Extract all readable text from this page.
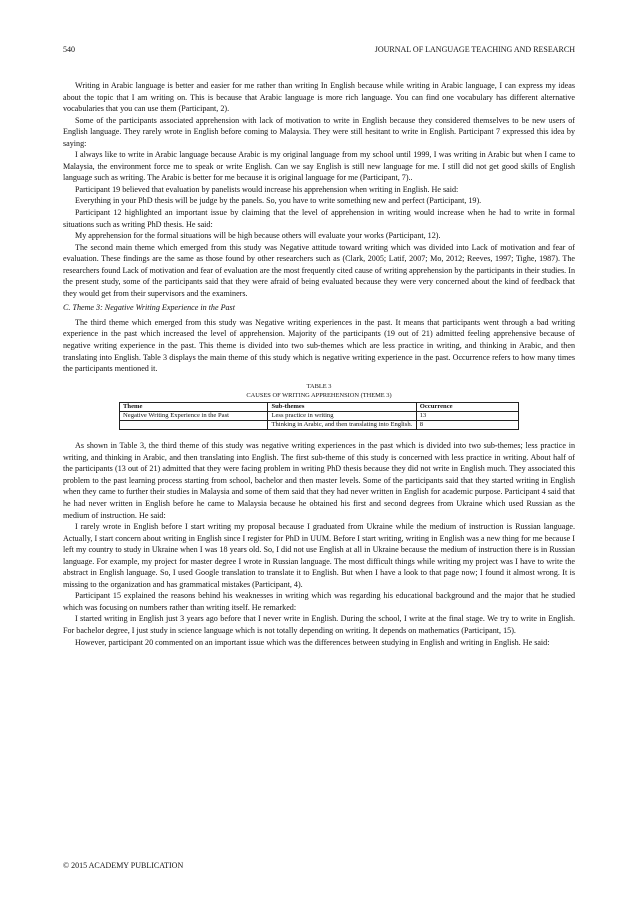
540	JOURNAL OF LANGUAGE TEACHING AND RESEARCH

Writing in Arabic language is better and easier for me rather than writing In English because while writing in Arabic language, I can express my ideas about the topic that I am writing on. This is because that Arabic language is more rich language. You can find one vocabulary has different alternative vocabularies that you can use them (Participant, 2).

Some of the participants associated apprehension with lack of motivation to write in English because they considered themselves to be new users of English language. They rarely wrote in English before coming to Malaysia. They were still hesitant to write in English. Participant 7 expressed this idea by saying:

I always like to write in Arabic language because Arabic is my original language from my school until 1999, I was writing in Arabic but when I came to Malaysia, the environment force me to speak or write English. Can we say English is still new language for me. I still did not get good skills of English language such as writing. The Arabic is better for me because it is original language for me (Participant, 7)..

Participant 19 believed that evaluation by panelists would increase his apprehension when writing in English. He said:

Everything in your PhD thesis will be judge by the panels. So, you have to write something new and perfect (Participant, 19).

Participant 12 highlighted an important issue by claiming that the level of apprehension in writing would increase when he had to write in formal situations such as writing PhD thesis. He said:

My apprehension for the formal situations will be high because others will evaluate your works (Participant, 12).

The second main theme which emerged from this study was Negative attitude toward writing which was divided into Lack of motivation and fear of evaluation. These findings are the same as those found by other researchers such as (Clark, 2005; Latif, 2007; Mo, 2012; Reeves, 1997; Tighe, 1987). The researchers found Lack of motivation and fear of evaluation are the most frequently cited cause of writing apprehension by the participants in their studies. In the present study, some of the participants said that they were afraid of being evaluated because they were very concerned about the kind of feedback that they would get from their supervisors and the examiners.

C. Theme 3: Negative Writing Experience in the Past

The third theme which emerged from this study was Negative writing experiences in the past. It means that participants went through a bad writing experience in the past which increased the level of apprehension. Majority of the participants (19 out of 21) admitted feeling apprehensive because of negative writing experience in the past. This theme is divided into two sub-themes which are less practice in writing, and thinking in Arabic, and then translating into English. Table 3 displays the main theme of this study which is negative writing experience in the past. Occurrence refers to how many times the participants mentioned it.

TABLE 3
CAUSES OF WRITING APPREHENSION (THEME 3)
Theme	Sub-themes	Occurrence
Negative Writing Experience in the Past	Less practice in writing	13
	Thinking in Arabic, and then translating into English.	8

As shown in Table 3, the third theme of this study was negative writing experiences in the past which is divided into two sub-themes; less practice in writing, and thinking in Arabic, and then translating into English. The first sub-theme of this study is concerned with less practice in writing. About half of the participants (13 out of 21) admitted that they were facing problem in writing PhD thesis because they did not write in English much. They associated this problem to the past learning process starting from school, bachelor and then master levels. Some of the participants said that they started writing in English when they came to further their studies in Malaysia and some of them said that they had never written in English for academic purpose. Participant 4 said that he had never written in English before he came to Malaysia because he obtained his first and second degrees from Ukraine which used Russian as the medium of instruction. He said:

I rarely wrote in English before I start writing my proposal because I graduated from Ukraine while the medium of instruction is Russian language. Actually, I start concern about writing in English since I register for PhD in UUM. Before I start writing, writing in English was a new thing for me because I left my country to study in Ukraine when I was 18 years old. So, I did not use English at all in Ukraine because the medium of instruction there is in Russian language. For example, my project for master degree I wrote in Russian language. The most difficult things while writing my project was I have to write the abstract in English language. So, I used Google translation to translate it to English. But when I have a look to that page now; I found it almost wrong. It is missing to the organization and has grammatical mistakes (Participant, 4).

Participant 15 explained the reasons behind his weaknesses in writing which was regarding his educational background and the major that he studied which was focusing on numbers rather than writing itself. He remarked:

I started writing in English just 3 years ago before that I never write in English. During the school, I write at the final stage. We try to write in English. For bachelor degree, I just study in science language which is not totally depending on writing. It depends on mathematics (Participant, 15).

However, participant 20 commented on an important issue which was the differences between studying in English and writing in English. He said:

© 2015 ACADEMY PUBLICATION
